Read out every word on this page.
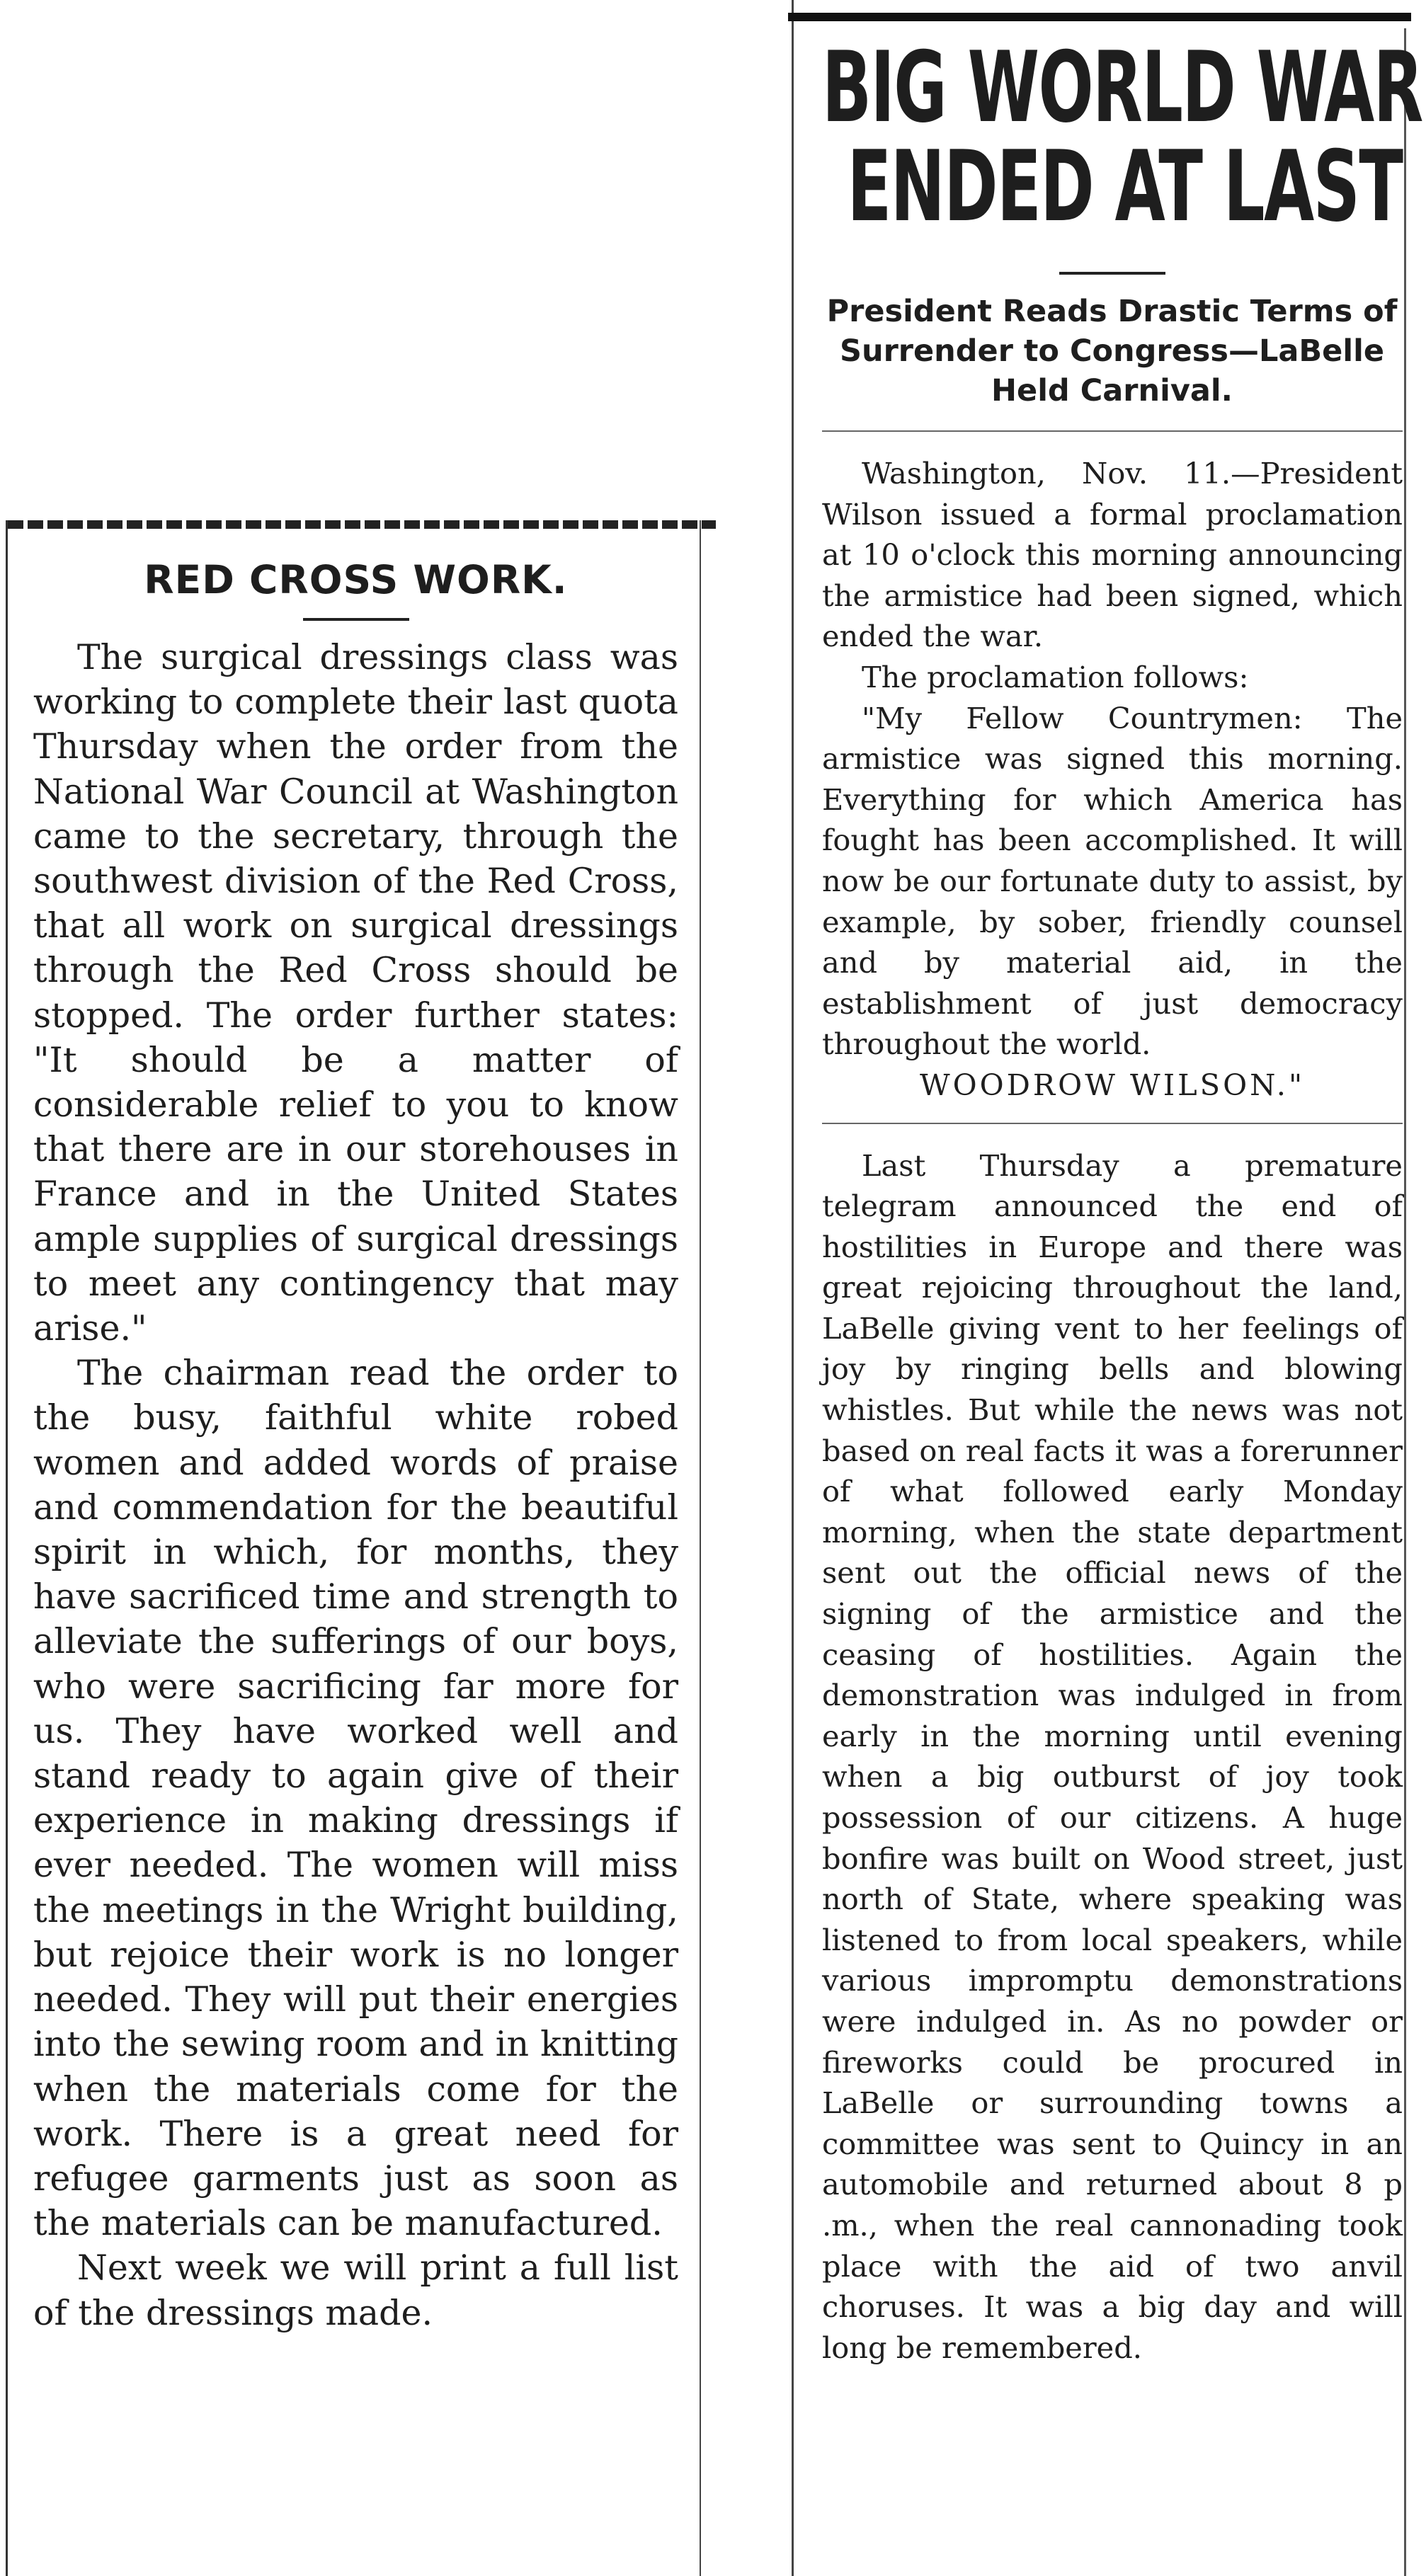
RED CROSS WORK.

The surgical dressings class was working to complete their last quota Thursday when the order from the National War Council at Washington came to the secretary, through the southwest division of the Red Cross, that all work on surgical dressings through the Red Cross should be stopped. The order further states: "It should be a matter of considerable relief to you to know that there are in our storehouses in France and in the United States ample supplies of surgical dressings to meet any contingency that may arise."

The chairman read the order to the busy, faithful white robed women and added words of praise and commendation for the beautiful spirit in which, for months, they have sacrificed time and strength to alleviate the sufferings of our boys, who were sacrificing far more for us. They have worked well and stand ready to again give of their experience in making dressings if ever needed. The women will miss the meetings in the Wright building, but rejoice their work is no longer needed. They will put their energies into the sewing room and in knitting when the materials come for the work. There is a great need for refugee garments just as soon as the materials can be manufactured.

Next week we will print a full list of the dressings made.

BIG WORLD WAR
ENDED AT LAST

President Reads Drastic Terms of Surrender to Congress—LaBelle Held Carnival.

Washington, Nov. 11.—President Wilson issued a formal proclamation at 10 o'clock this morning announcing the armistice had been signed, which ended the war.

The proclamation follows:

"My Fellow Countrymen: The armistice was signed this morning. Everything for which America has fought has been accomplished. It will now be our fortunate duty to assist, by example, by sober, friendly counsel and by material aid, in the establishment of just democracy throughout the world.

WOODROW WILSON."

Last Thursday a premature telegram announced the end of hostilities in Europe and there was great rejoicing throughout the land, LaBelle giving vent to her feelings of joy by ringing bells and blowing whistles. But while the news was not based on real facts it was a forerunner of what followed early Monday morning, when the state department sent out the official news of the signing of the armistice and the ceasing of hostilities. Again the demonstration was indulged in from early in the morning until evening when a big outburst of joy took possession of our citizens. A huge bonfire was built on Wood street, just north of State, where speaking was listened to from local speakers, while various impromptu demonstrations were indulged in. As no powder or fireworks could be procured in LaBelle or surrounding towns a committee was sent to Quincy in an automobile and returned about 8 p .m., when the real cannonading took place with the aid of two anvil choruses. It was a big day and will long be remembered.
